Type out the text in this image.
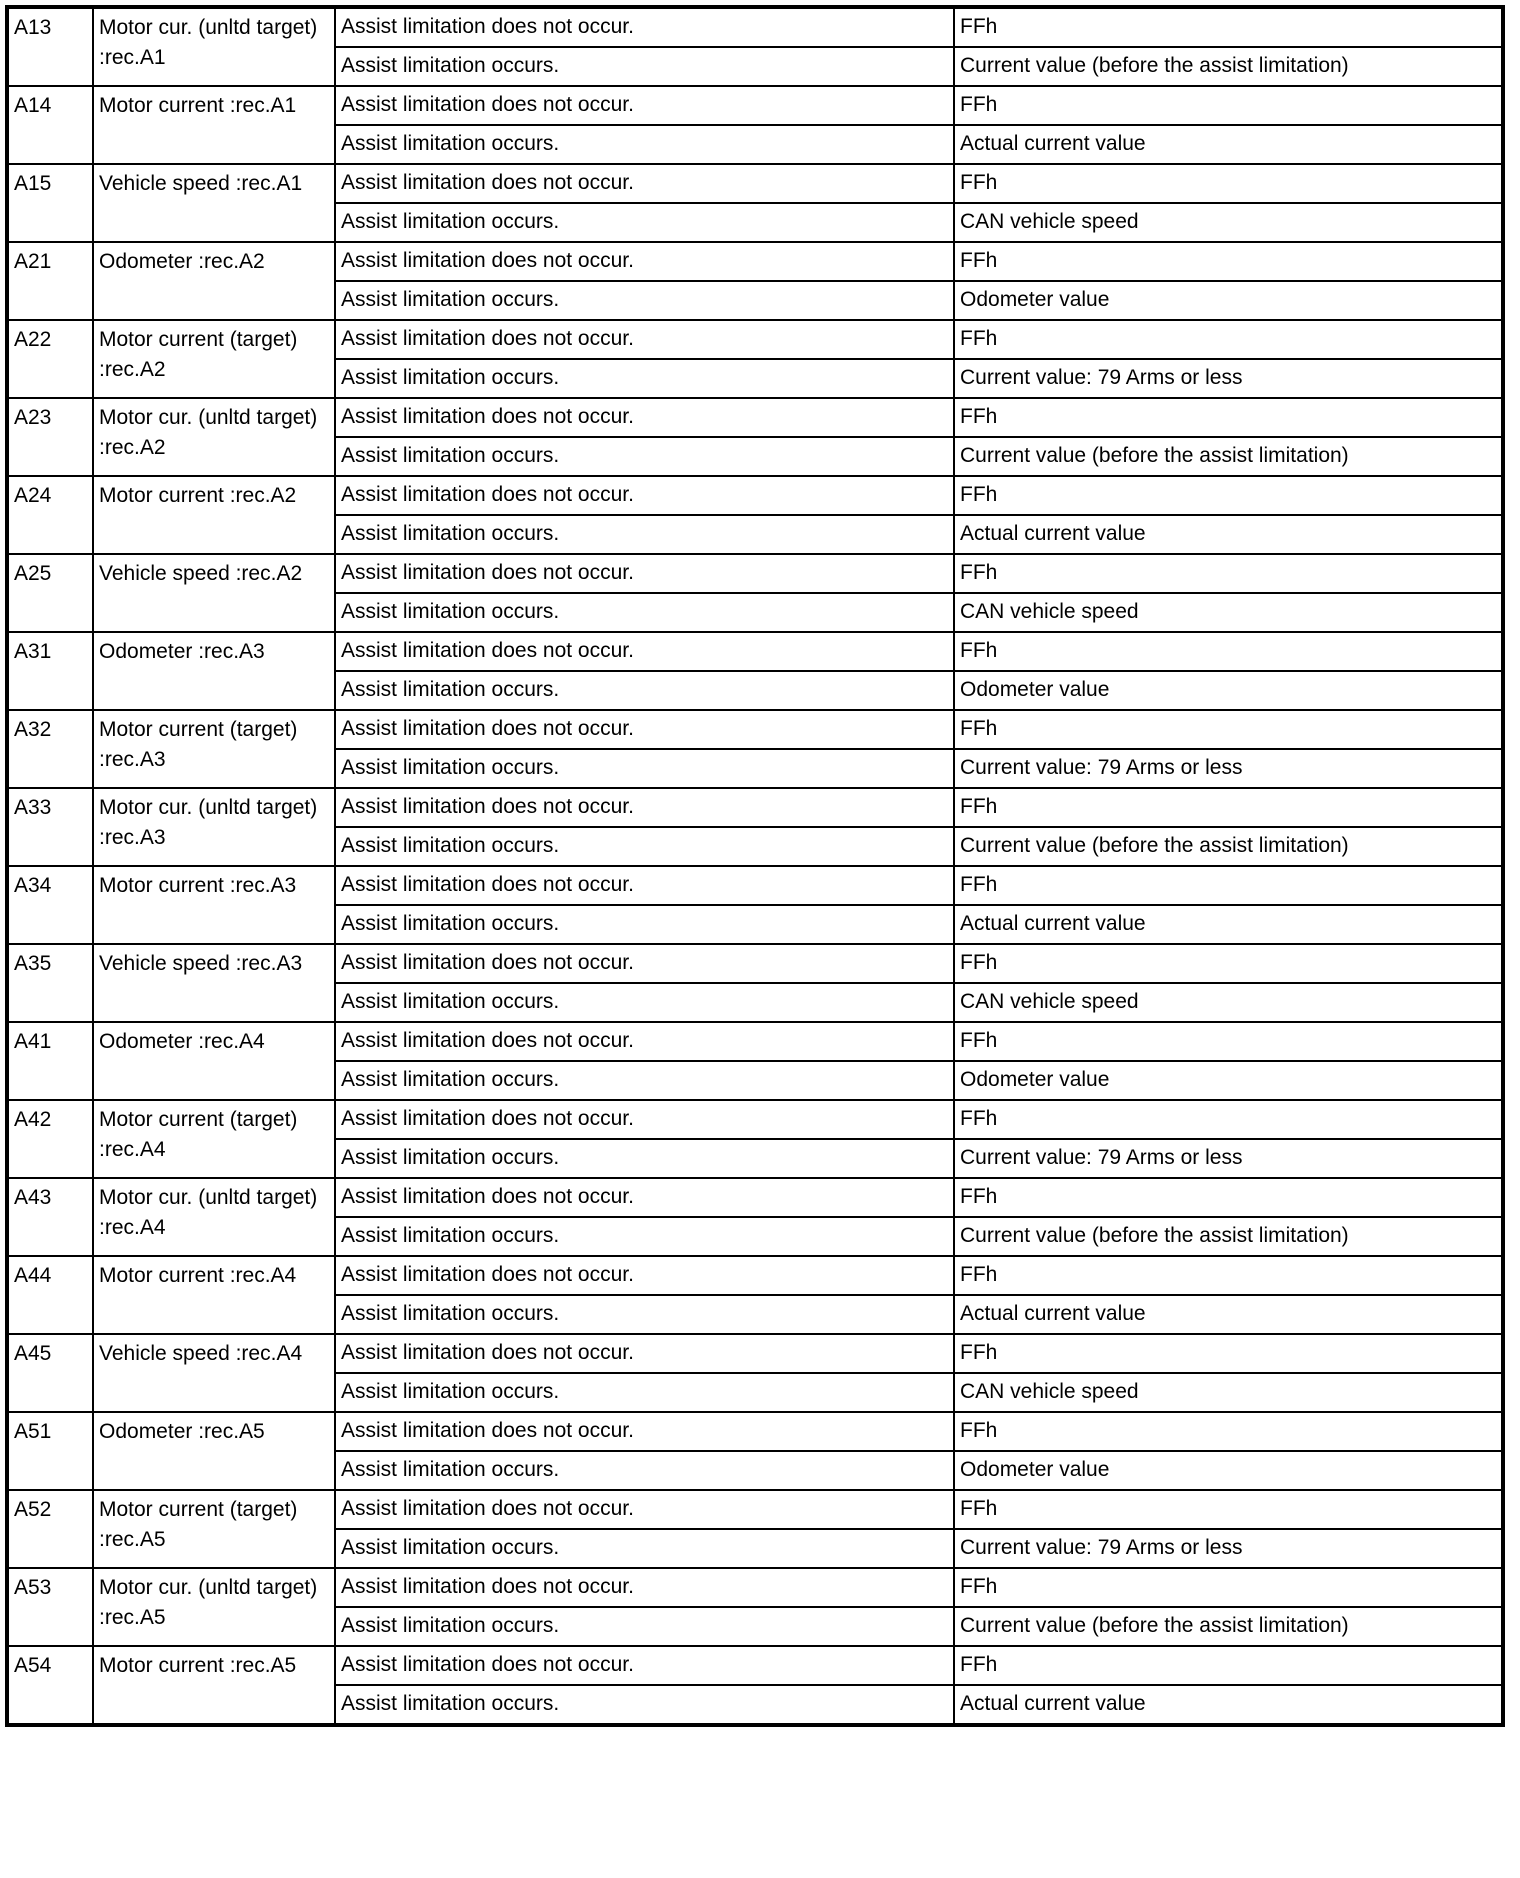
A13	Motor cur. (unltd target) :rec.A1	Assist limitation does not occur.	FFh
		Assist limitation occurs.	Current value (before the assist limitation)
A14	Motor current :rec.A1	Assist limitation does not occur.	FFh
		Assist limitation occurs.	Actual current value
A15	Vehicle speed :rec.A1	Assist limitation does not occur.	FFh
		Assist limitation occurs.	CAN vehicle speed
A21	Odometer :rec.A2	Assist limitation does not occur.	FFh
		Assist limitation occurs.	Odometer value
A22	Motor current (target) :rec.A2	Assist limitation does not occur.	FFh
		Assist limitation occurs.	Current value: 79 Arms or less
A23	Motor cur. (unltd target) :rec.A2	Assist limitation does not occur.	FFh
		Assist limitation occurs.	Current value (before the assist limitation)
A24	Motor current :rec.A2	Assist limitation does not occur.	FFh
		Assist limitation occurs.	Actual current value
A25	Vehicle speed :rec.A2	Assist limitation does not occur.	FFh
		Assist limitation occurs.	CAN vehicle speed
A31	Odometer :rec.A3	Assist limitation does not occur.	FFh
		Assist limitation occurs.	Odometer value
A32	Motor current (target) :rec.A3	Assist limitation does not occur.	FFh
		Assist limitation occurs.	Current value: 79 Arms or less
A33	Motor cur. (unltd target) :rec.A3	Assist limitation does not occur.	FFh
		Assist limitation occurs.	Current value (before the assist limitation)
A34	Motor current :rec.A3	Assist limitation does not occur.	FFh
		Assist limitation occurs.	Actual current value
A35	Vehicle speed :rec.A3	Assist limitation does not occur.	FFh
		Assist limitation occurs.	CAN vehicle speed
A41	Odometer :rec.A4	Assist limitation does not occur.	FFh
		Assist limitation occurs.	Odometer value
A42	Motor current (target) :rec.A4	Assist limitation does not occur.	FFh
		Assist limitation occurs.	Current value: 79 Arms or less
A43	Motor cur. (unltd target) :rec.A4	Assist limitation does not occur.	FFh
		Assist limitation occurs.	Current value (before the assist limitation)
A44	Motor current :rec.A4	Assist limitation does not occur.	FFh
		Assist limitation occurs.	Actual current value
A45	Vehicle speed :rec.A4	Assist limitation does not occur.	FFh
		Assist limitation occurs.	CAN vehicle speed
A51	Odometer :rec.A5	Assist limitation does not occur.	FFh
		Assist limitation occurs.	Odometer value
A52	Motor current (target) :rec.A5	Assist limitation does not occur.	FFh
		Assist limitation occurs.	Current value: 79 Arms or less
A53	Motor cur. (unltd target) :rec.A5	Assist limitation does not occur.	FFh
		Assist limitation occurs.	Current value (before the assist limitation)
A54	Motor current :rec.A5	Assist limitation does not occur.	FFh
		Assist limitation occurs.	Actual current value
